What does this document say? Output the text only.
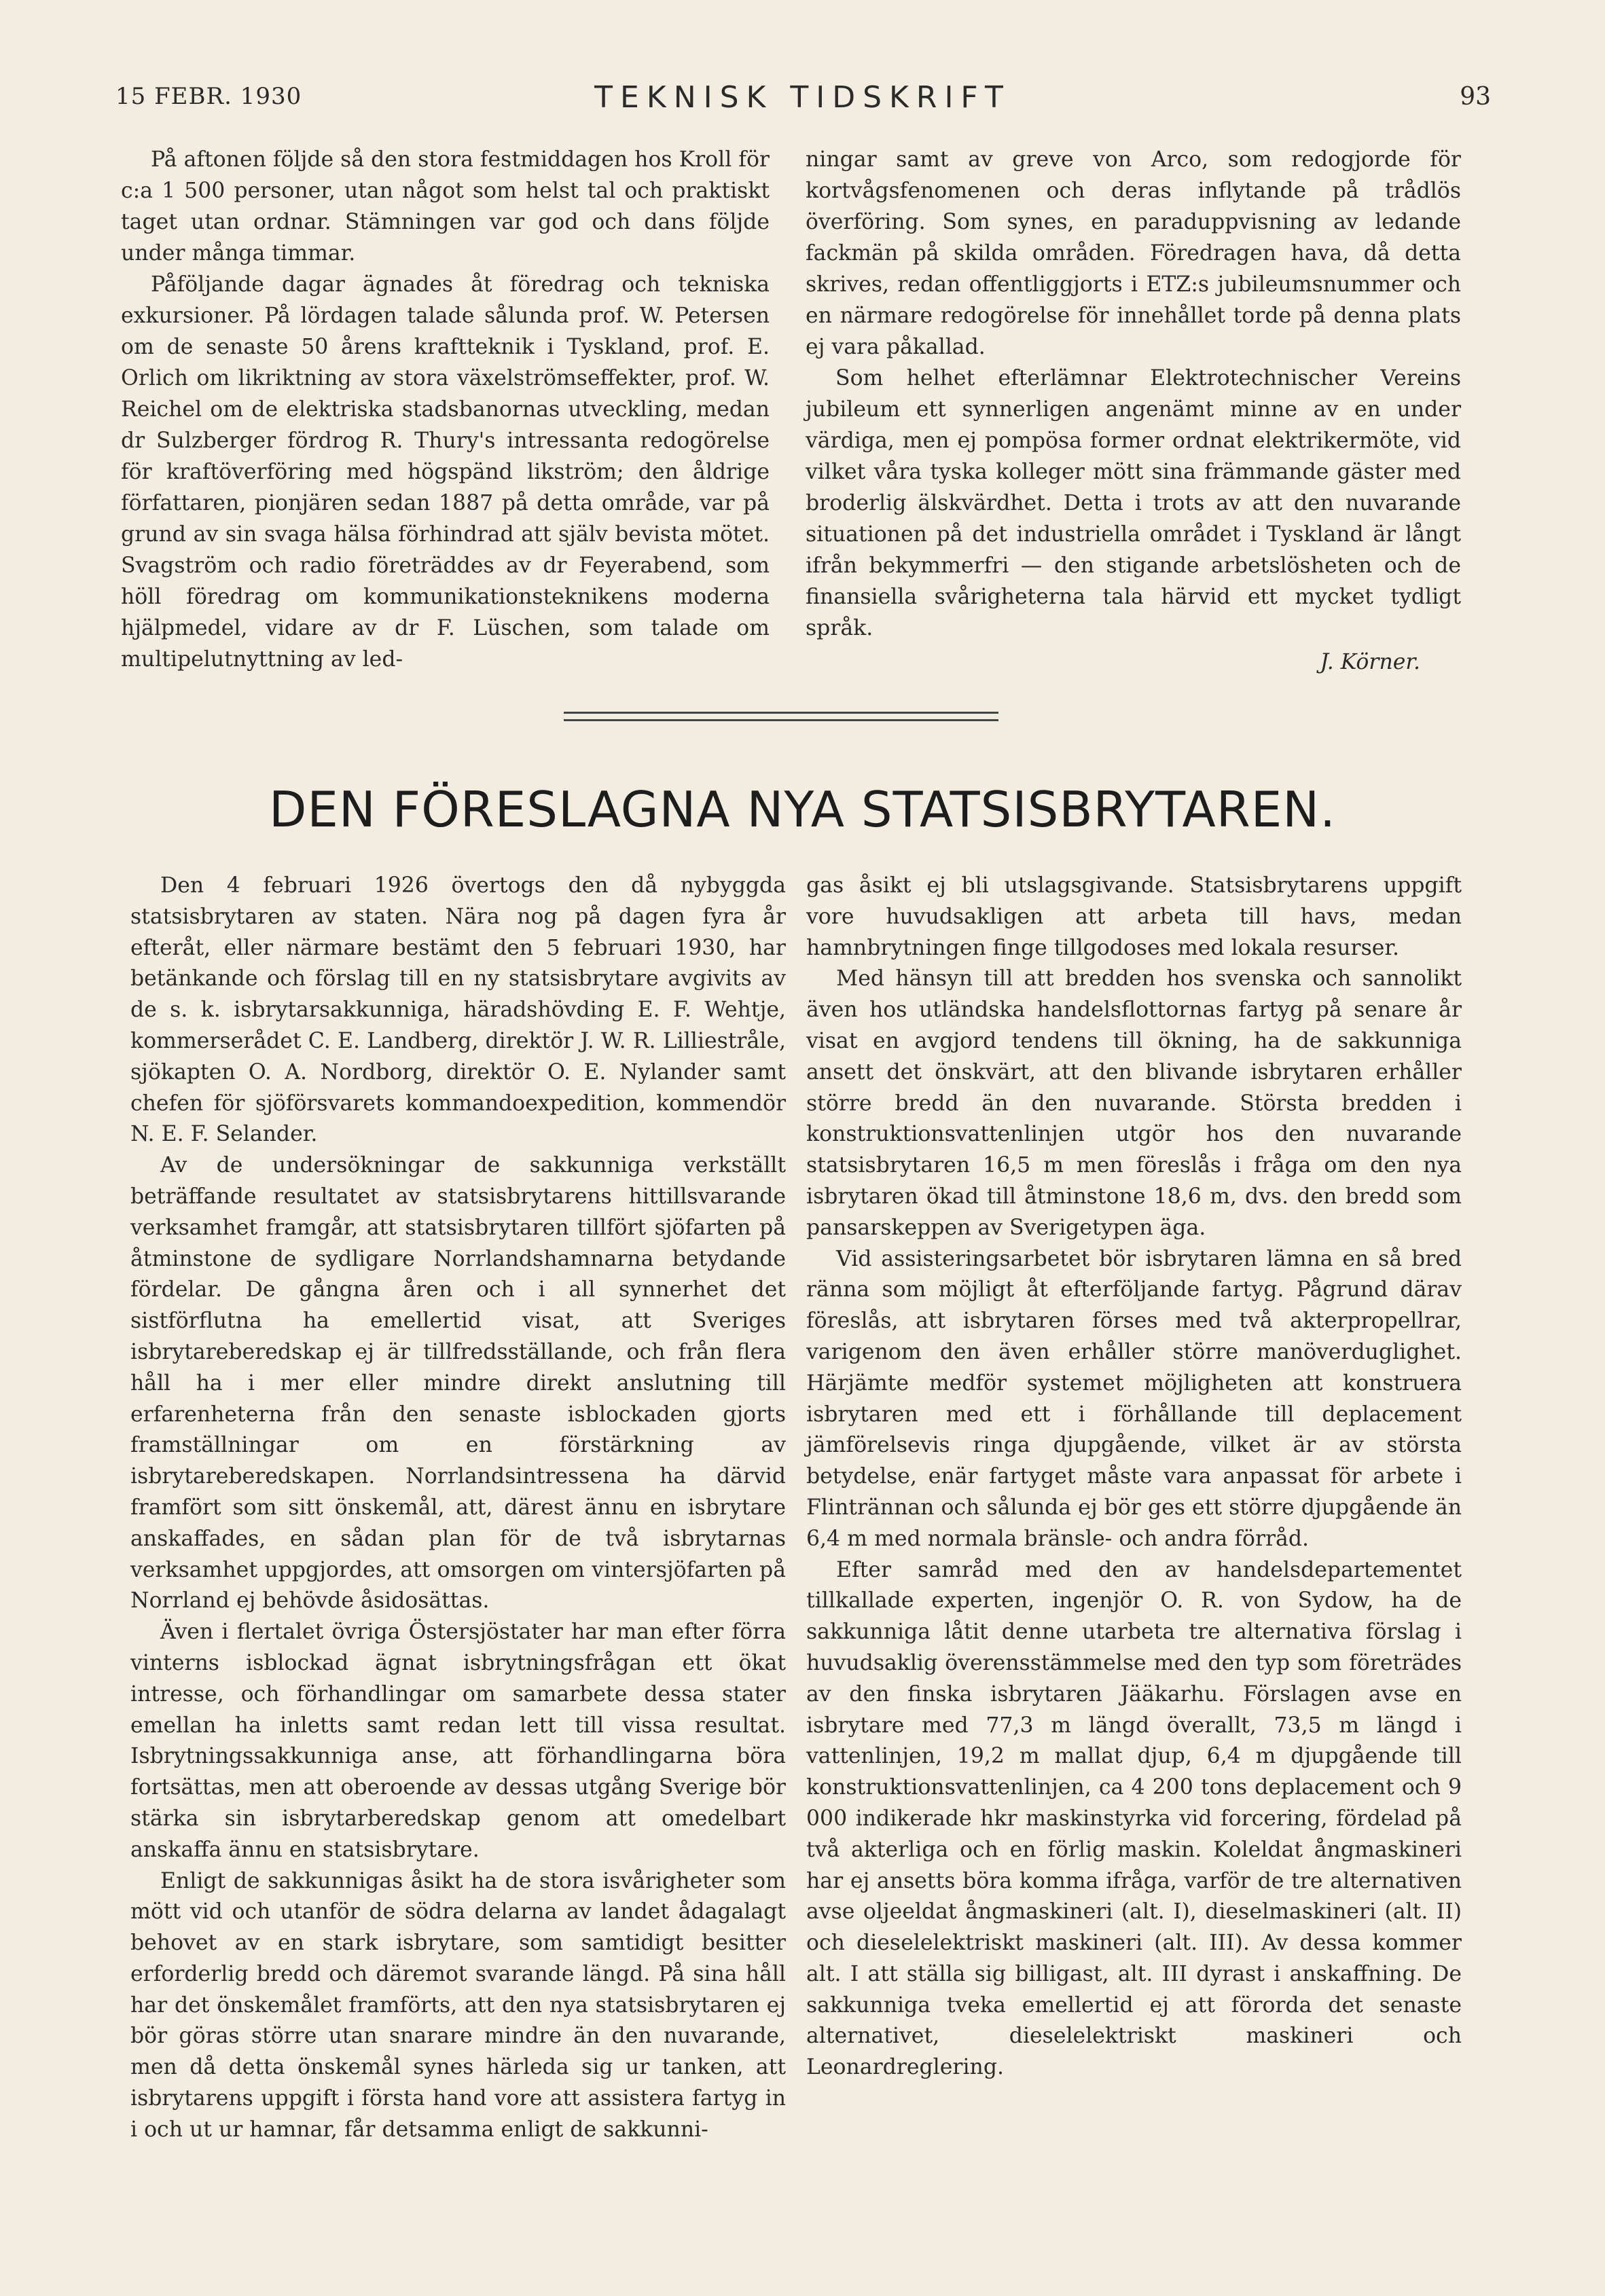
15 FEBR. 1930	TEKNISK TIDSKRIFT	93

På aftonen följde så den stora festmiddagen hos Kroll för c:a 1 500 personer, utan något som helst tal och praktiskt taget utan ordnar. Stämningen var god och dans följde under många timmar.

Påföljande dagar ägnades åt föredrag och tekniska exkursioner. På lördagen talade sålunda prof. W. Petersen om de senaste 50 årens kraftteknik i Tyskland, prof. E. Orlich om likriktning av stora växelströmseffekter, prof. W. Reichel om de elektriska stadsbanornas utveckling, medan dr Sulzberger fördrog R. Thury's intressanta redogörelse för kraftöverföring med högspänd likström; den åldrige författaren, pionjären sedan 1887 på detta område, var på grund av sin svaga hälsa förhindrad att själv bevista mötet. Svagström och radio företräddes av dr Feyerabend, som höll föredrag om kommunikationsteknikens moderna hjälpmedel, vidare av dr F. Lüschen, som talade om multipelutnyttning av led-

ningar samt av greve von Arco, som redogjorde för kortvågsfenomenen och deras inflytande på trådlös överföring. Som synes, en paraduppvisning av ledande fackmän på skilda områden. Föredragen hava, då detta skrives, redan offentliggjorts i ETZ:s jubileumsnummer och en närmare redogörelse för innehållet torde på denna plats ej vara påkallad.

Som helhet efterlämnar Elektrotechnischer Vereins jubileum ett synnerligen angenämt minne av en under värdiga, men ej pompösa former ordnat elektrikermöte, vid vilket våra tyska kolleger mött sina främmande gäster med broderlig älskvärdhet. Detta i trots av att den nuvarande situationen på det industriella området i Tyskland är långt ifrån bekymmerfri — den stigande arbetslösheten och de finansiella svårigheterna tala härvid ett mycket tydligt språk.

J. Körner.

DEN FÖRESLAGNA NYA STATSISBRYTAREN.

Den 4 februari 1926 övertogs den då nybyggda statsisbrytaren av staten. Nära nog på dagen fyra år efteråt, eller närmare bestämt den 5 februari 1930, har betänkande och förslag till en ny statsisbrytare avgivits av de s. k. isbrytarsakkunniga, häradshövding E. F. Wehtje, kommerserådet C. E. Landberg, direktör J. W. R. Lilliestråle, sjökapten O. A. Nordborg, direktör O. E. Nylander samt chefen för sjöförsvarets kommandoexpedition, kommendör N. E. F. Selander.

Av de undersökningar de sakkunniga verkställt beträffande resultatet av statsisbrytarens hittillsvarande verksamhet framgår, att statsisbrytaren tillfört sjöfarten på åtminstone de sydligare Norrlandshamnarna betydande fördelar. De gångna åren och i all synnerhet det sistförflutna ha emellertid visat, att Sveriges isbrytareberedskap ej är tillfredsställande, och från flera håll ha i mer eller mindre direkt anslutning till erfarenheterna från den senaste isblockaden gjorts framställningar om en förstärkning av isbrytareberedskapen. Norrlandsintressena ha därvid framfört som sitt önskemål, att, därest ännu en isbrytare anskaffades, en sådan plan för de två isbrytarnas verksamhet uppgjordes, att omsorgen om vintersjöfarten på Norrland ej behövde åsidosättas.

Även i flertalet övriga Östersjöstater har man efter förra vinterns isblockad ägnat isbrytningsfrågan ett ökat intresse, och förhandlingar om samarbete dessa stater emellan ha inletts samt redan lett till vissa resultat. Isbrytningssakkunniga anse, att förhandlingarna böra fortsättas, men att oberoende av dessas utgång Sverige bör stärka sin isbrytarberedskap genom att omedelbart anskaffa ännu en statsisbrytare.

Enligt de sakkunnigas åsikt ha de stora isvårigheter som mött vid och utanför de södra delarna av landet ådagalagt behovet av en stark isbrytare, som samtidigt besitter erforderlig bredd och däremot svarande längd. På sina håll har det önskemålet framförts, att den nya statsisbrytaren ej bör göras större utan snarare mindre än den nuvarande, men då detta önskemål synes härleda sig ur tanken, att isbrytarens uppgift i första hand vore att assistera fartyg in i och ut ur hamnar, får detsamma enligt de sakkunni-

gas åsikt ej bli utslagsgivande. Statsisbrytarens uppgift vore huvudsakligen att arbeta till havs, medan hamnbrytningen finge tillgodoses med lokala resurser.

Med hänsyn till att bredden hos svenska och sannolikt även hos utländska handelsflottornas fartyg på senare år visat en avgjord tendens till ökning, ha de sakkunniga ansett det önskvärt, att den blivande isbrytaren erhåller större bredd än den nuvarande. Största bredden i konstruktionsvattenlinjen utgör hos den nuvarande statsisbrytaren 16,5 m men föreslås i fråga om den nya isbrytaren ökad till åtminstone 18,6 m, dvs. den bredd som pansarskeppen av Sverigetypen äga.

Vid assisteringsarbetet bör isbrytaren lämna en så bred ränna som möjligt åt efterföljande fartyg. Pågrund därav föreslås, att isbrytaren förses med två akterpropellrar, varigenom den även erhåller större manöverduglighet. Härjämte medför systemet möjligheten att konstruera isbrytaren med ett i förhållande till deplacement jämförelsevis ringa djupgående, vilket är av största betydelse, enär fartyget måste vara anpassat för arbete i Flintrännan och sålunda ej bör ges ett större djupgående än 6,4 m med normala bränsle- och andra förråd.

Efter samråd med den av handelsdepartementet tillkallade experten, ingenjör O. R. von Sydow, ha de sakkunniga låtit denne utarbeta tre alternativa förslag i huvudsaklig överensstämmelse med den typ som företrädes av den finska isbrytaren Jääkarhu. Förslagen avse en isbrytare med 77,3 m längd överallt, 73,5 m längd i vattenlinjen, 19,2 m mallat djup, 6,4 m djupgående till konstruktionsvattenlinjen, ca 4 200 tons deplacement och 9 000 indikerade hkr maskinstyrka vid forcering, fördelad på två akterliga och en förlig maskin. Koleldat ångmaskineri har ej ansetts böra komma ifråga, varför de tre alternativen avse oljeeldat ångmaskineri (alt. I), dieselmaskineri (alt. II) och dieselelektriskt maskineri (alt. III). Av dessa kommer alt. I att ställa sig billigast, alt. III dyrast i anskaffning. De sakkunniga tveka emellertid ej att förorda det senaste alternativet, dieselelektriskt maskineri och Leonardreglering.
